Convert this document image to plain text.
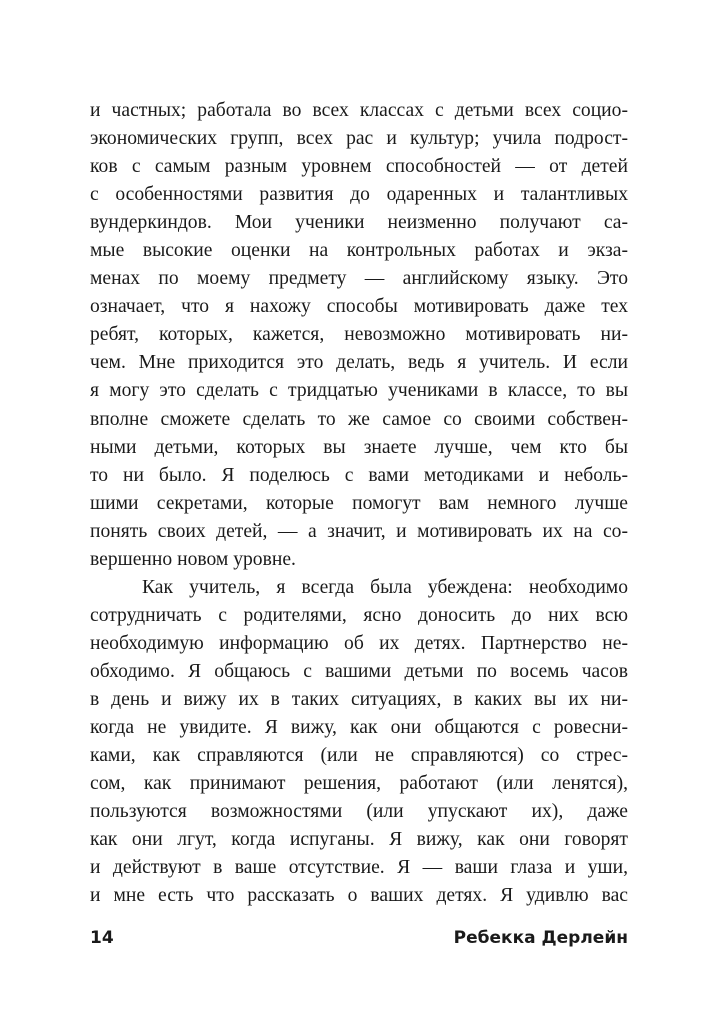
и частных; работала во всех классах с детьми всех социо-
экономических групп, всех рас и культур; учила подрост-
ков с самым разным уровнем способностей — от детей
с особенностями развития до одаренных и талантливых
вундеркиндов. Мои ученики неизменно получают са-
мые высокие оценки на контрольных работах и экза-
менах по моему предмету — английскому языку. Это
означает, что я нахожу способы мотивировать даже тех
ребят, которых, кажется, невозможно мотивировать ни-
чем. Мне приходится это делать, ведь я учитель. И если
я могу это сделать с тридцатью учениками в классе, то вы
вполне сможете сделать то же самое со своими собствен-
ными детьми, которых вы знаете лучше, чем кто бы
то ни было. Я поделюсь с вами методиками и неболь-
шими секретами, которые помогут вам немного лучше
понять своих детей, — а значит, и мотивировать их на со-
вершенно новом уровне.
Как учитель, я всегда была убеждена: необходимо
сотрудничать с родителями, ясно доносить до них всю
необходимую информацию об их детях. Партнерство не-
обходимо. Я общаюсь с вашими детьми по восемь часов
в день и вижу их в таких ситуациях, в каких вы их ни-
когда не увидите. Я вижу, как они общаются с ровесни-
ками, как справляются (или не справляются) со стрес-
сом, как принимают решения, работают (или ленятся),
пользуются возможностями (или упускают их), даже
как они лгут, когда испуганы. Я вижу, как они говорят
и действуют в ваше отсутствие. Я — ваши глаза и уши,
и мне есть что рассказать о ваших детях. Я удивлю вас
14	Ребекка Дерлейн
